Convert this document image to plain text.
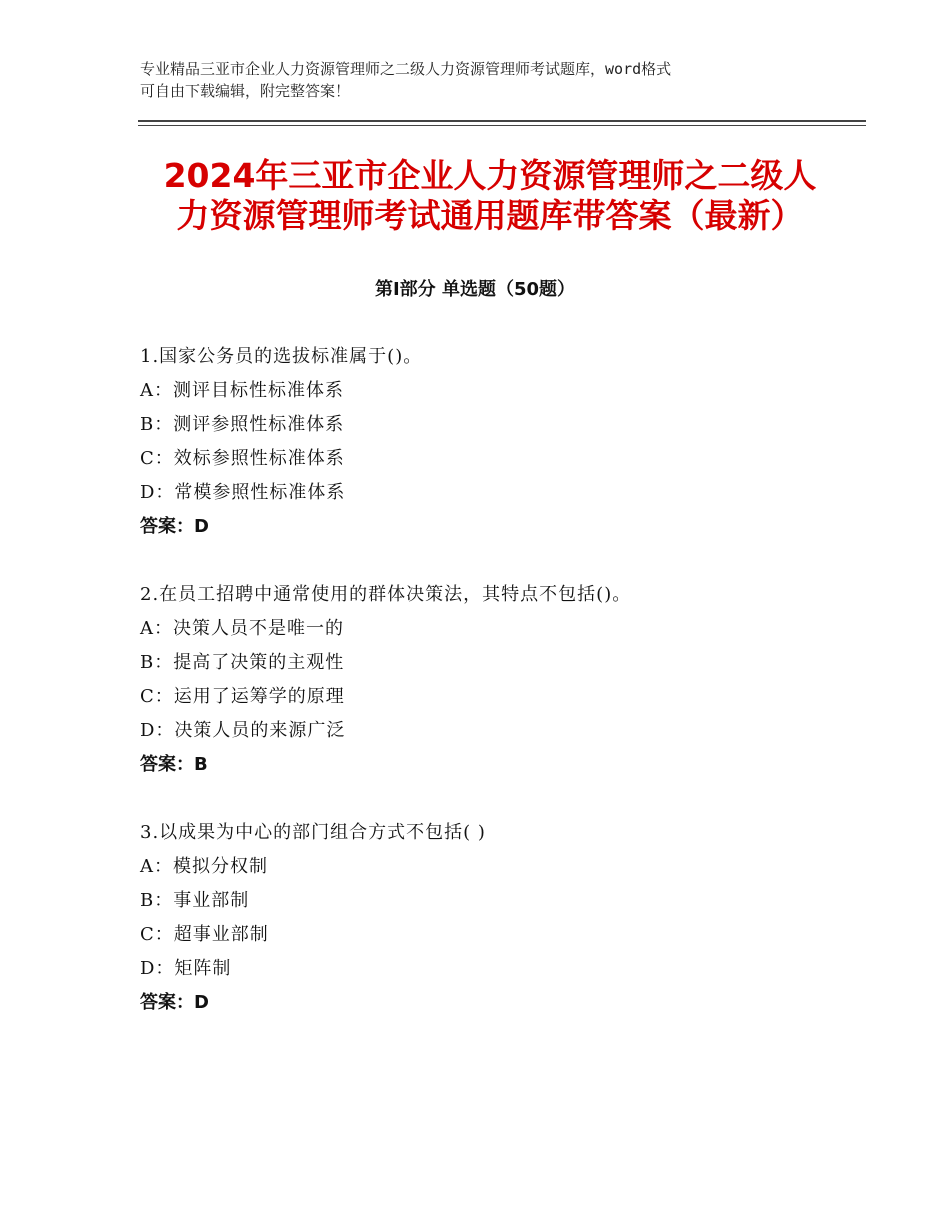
专业精品三亚市企业人力资源管理师之二级人力资源管理师考试题库，word格式
可自由下载编辑，附完整答案！
2024年三亚市企业人力资源管理师之二级人
力资源管理师考试通用题库带答案（最新）
第Ⅰ部分 单选题（50题）
1.国家公务员的选拔标准属于()。
A：测评目标性标准体系
B：测评参照性标准体系
C：效标参照性标准体系
D：常模参照性标准体系
答案：D
2.在员工招聘中通常使用的群体决策法，其特点不包括()。
A：决策人员不是唯一的
B：提高了决策的主观性
C：运用了运筹学的原理
D：决策人员的来源广泛
答案：B
3.以成果为中心的部门组合方式不包括( )
A：模拟分权制
B：事业部制
C：超事业部制
D：矩阵制
答案：D
